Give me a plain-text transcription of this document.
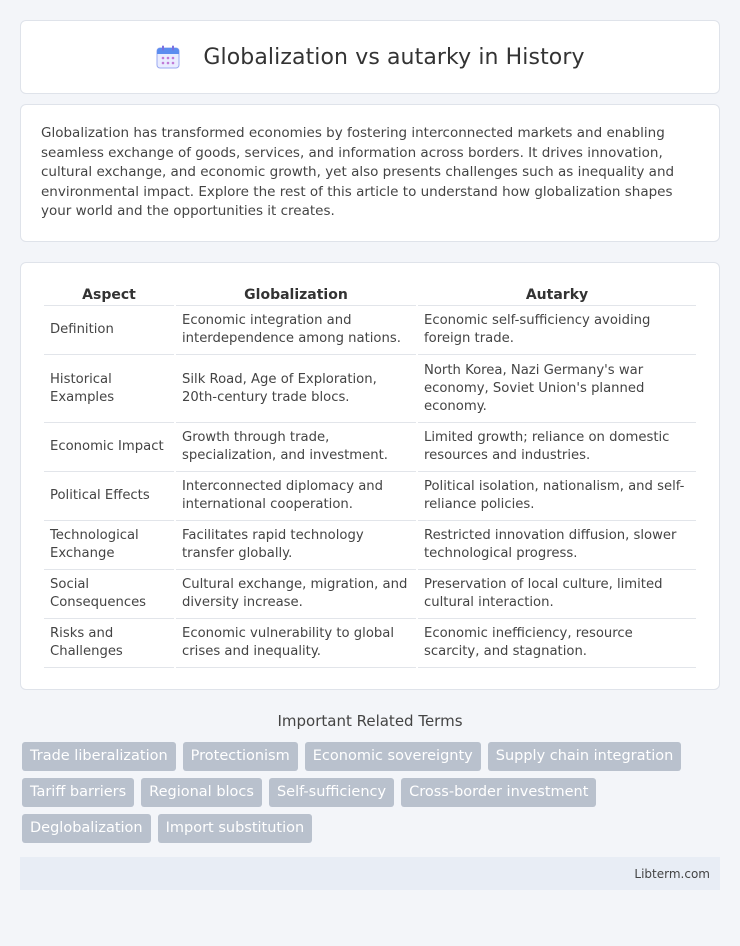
Globalization vs autarky in History

Globalization has transformed economies by fostering interconnected markets and enabling seamless exchange of goods, services, and information across borders. It drives innovation, cultural exchange, and economic growth, yet also presents challenges such as inequality and environmental impact. Explore the rest of this article to understand how globalization shapes your world and the opportunities it creates.

Aspect	Globalization	Autarky
Definition	Economic integration and interdependence among nations.	Economic self-sufficiency avoiding foreign trade.
Historical Examples	Silk Road, Age of Exploration, 20th-century trade blocs.	North Korea, Nazi Germany's war economy, Soviet Union's planned economy.
Economic Impact	Growth through trade, specialization, and investment.	Limited growth; reliance on domestic resources and industries.
Political Effects	Interconnected diplomacy and international cooperation.	Political isolation, nationalism, and self-reliance policies.
Technological Exchange	Facilitates rapid technology transfer globally.	Restricted innovation diffusion, slower technological progress.
Social Consequences	Cultural exchange, migration, and diversity increase.	Preservation of local culture, limited cultural interaction.
Risks and Challenges	Economic vulnerability to global crises and inequality.	Economic inefficiency, resource scarcity, and stagnation.
Important Related Terms
Trade liberalization	Protectionism	Economic sovereignty	Supply chain integration
Tariff barriers	Regional blocs	Self-sufficiency	Cross-border investment
Deglobalization	Import substitution
Libterm.com
